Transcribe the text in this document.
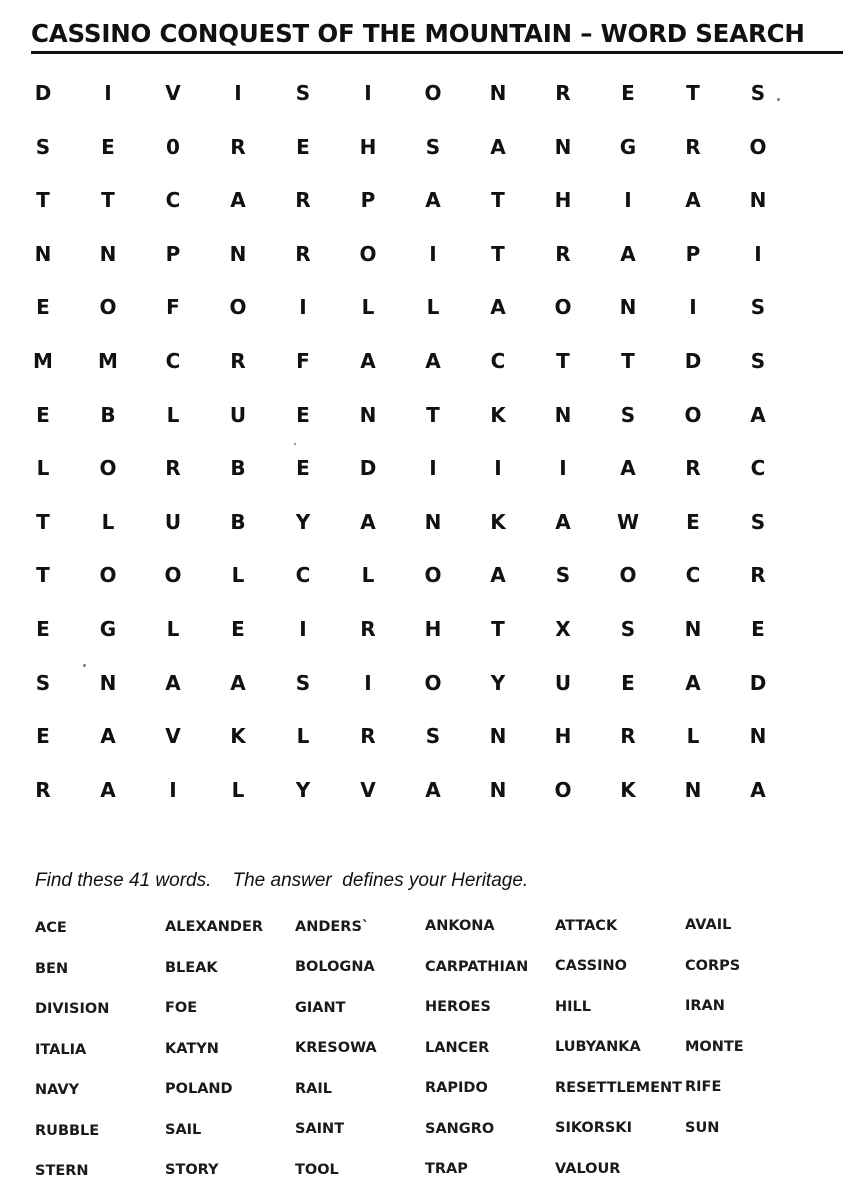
CASSINO CONQUEST OF THE MOUNTAIN – WORD SEARCH
D	I	V	I	S	I	O	N	R	E	T	S
S	E	0	R	E	H	S	A	N	G	R	O
T	T	C	A	R	P	A	T	H	I	A	N
N	N	P	N	R	O	I	T	R	A	P	I
E	O	F	O	I	L	L	A	O	N	I	S
M	M	C	R	F	A	A	C	T	T	D	S
E	B	L	U	E	N	T	K	N	S	O	A
L	O	R	B	E	D	I	I	I	A	R	C
T	L	U	B	Y	A	N	K	A	W	E	S
T	O	O	L	C	L	O	A	S	O	C	R
E	G	L	E	I	R	H	T	X	S	N	E
S	N	A	A	S	I	O	Y	U	E	A	D
E	A	V	K	L	R	S	N	H	R	L	N
R	A	I	L	Y	V	A	N	O	K	N	A
Find these 41 words.    The answer  defines your Heritage.
ACE	ALEXANDER ANDERS`	ANKONA	ATTACK	AVAIL
BEN	BLEAK	BOLOGNA	CARPATHIAN CASSINO	CORPS
DIVISION	FOE	GIANT	HEROES	HILL	IRAN
ITALIA	KATYN	KRESOWA	LANCER	LUBYANKA	MONTE
NAVY	POLAND	RAIL	RAPIDO	RESETTLEMENT RIFE
RUBBLE	SAIL	SAINT	SANGRO	SIKORSKI	SUN
STERN	STORY	TOOL	TRAP	VALOUR
